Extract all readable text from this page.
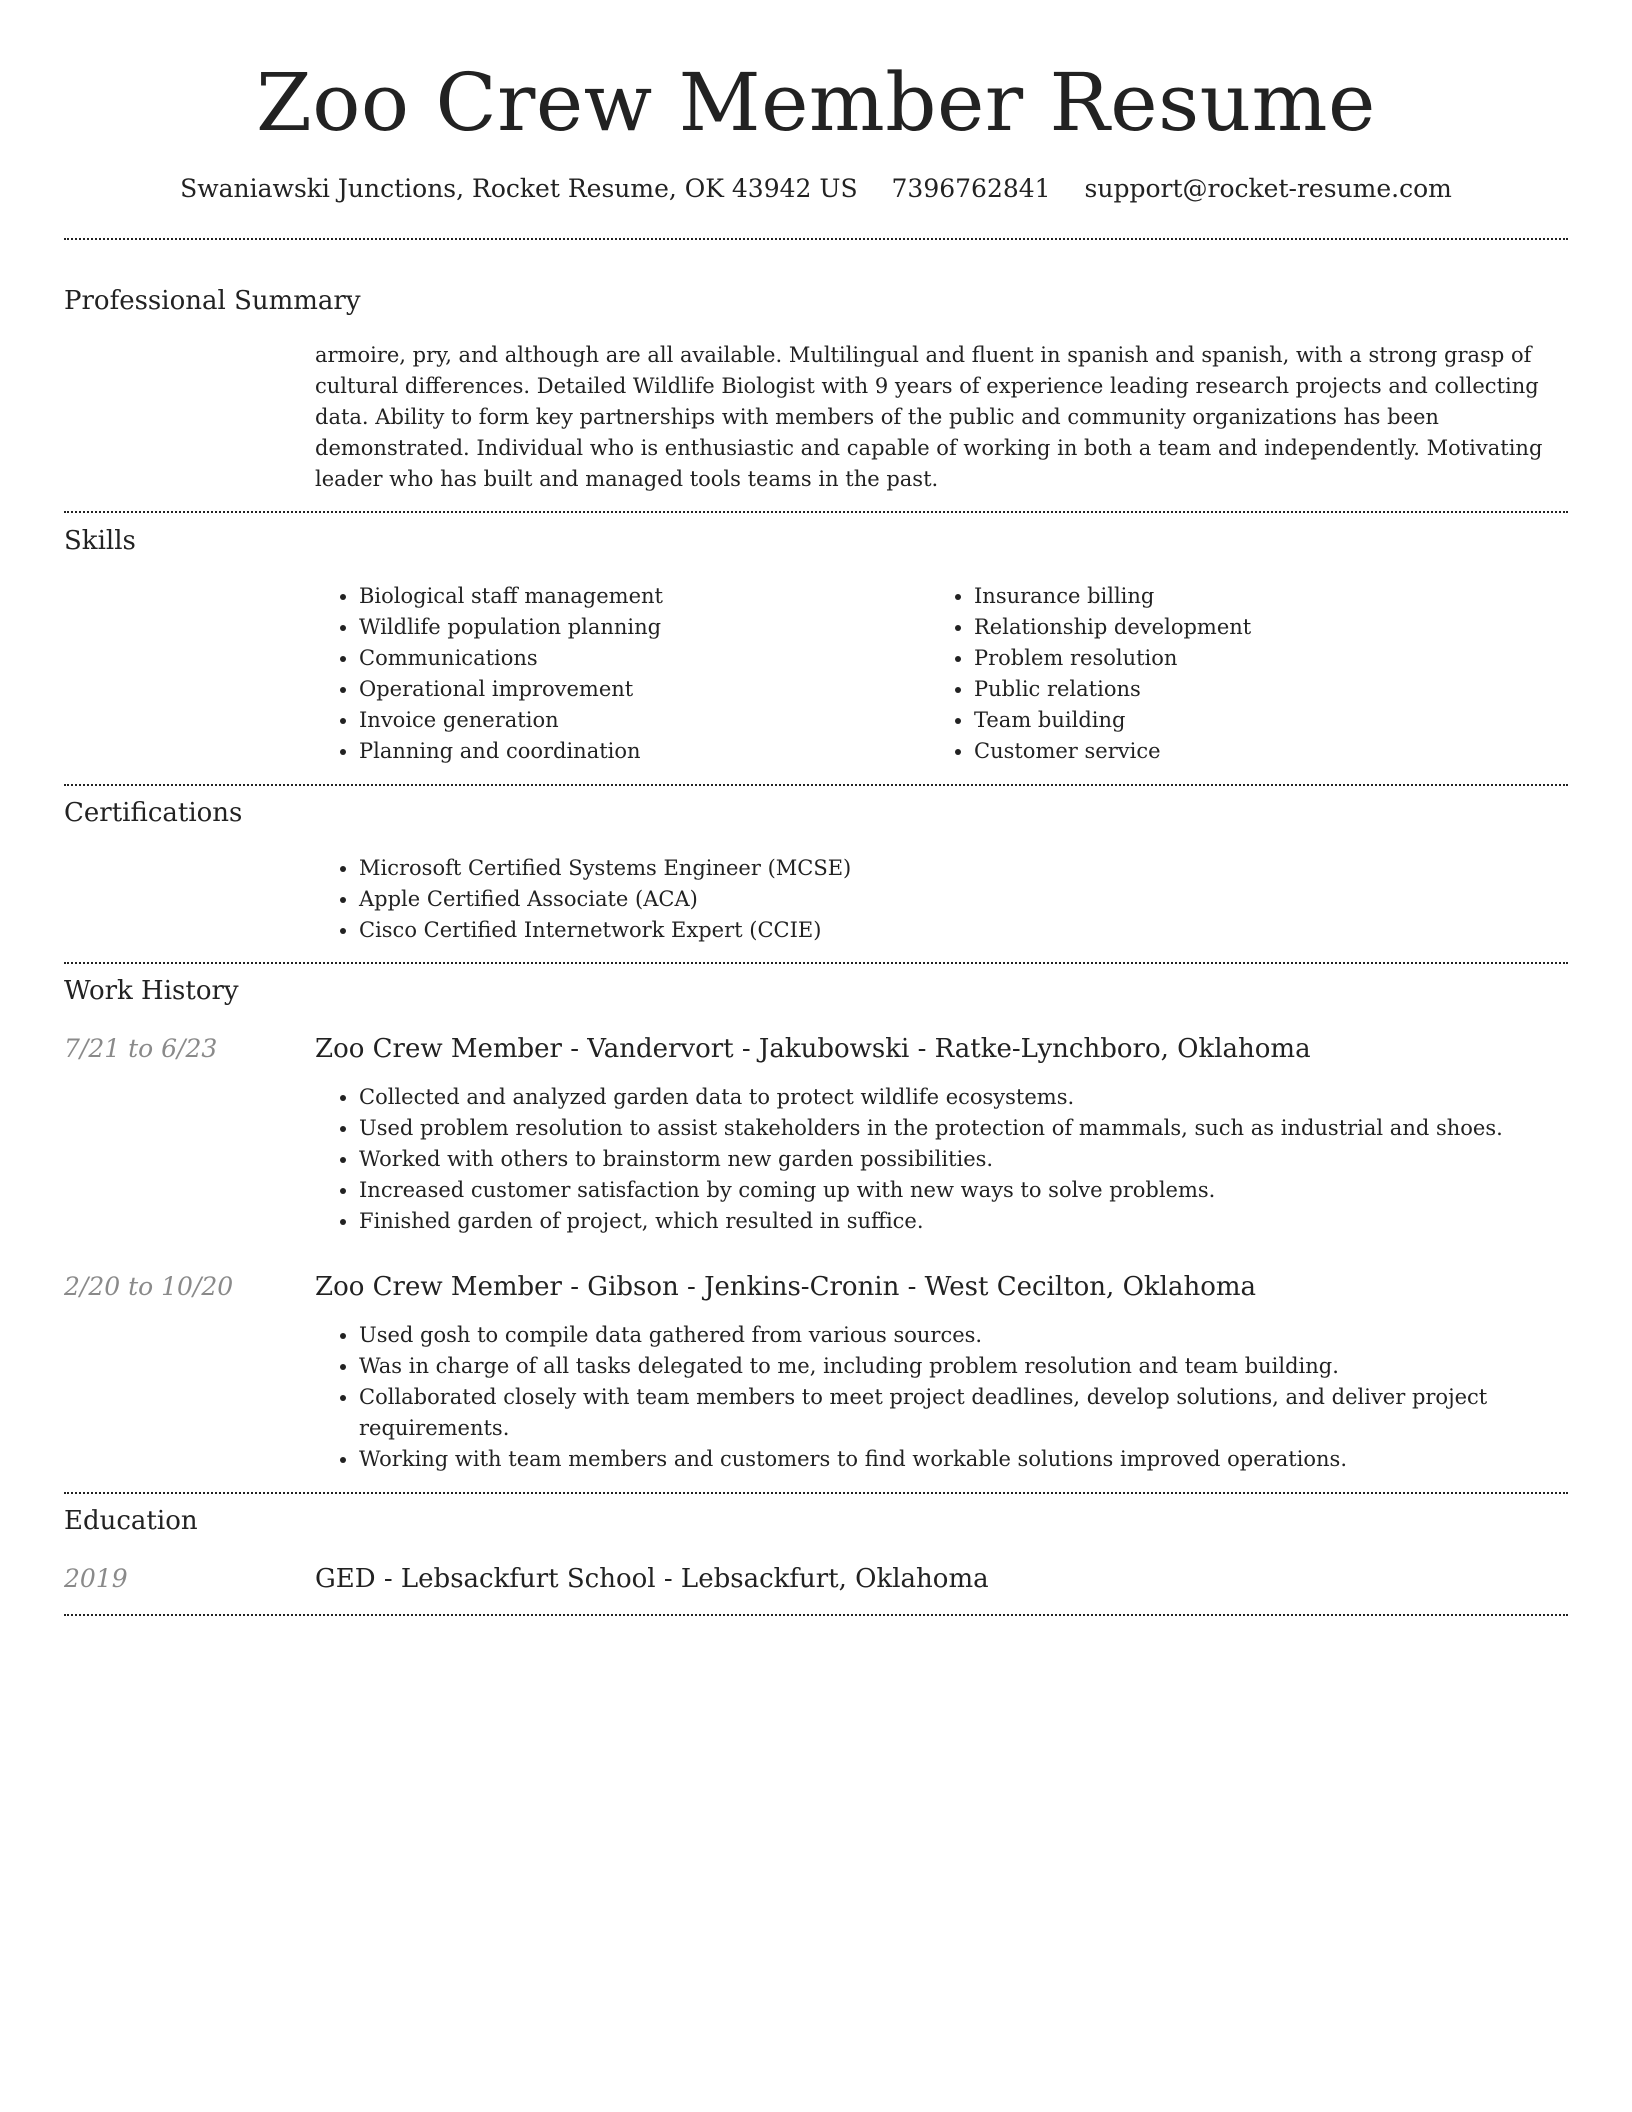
Zoo Crew Member Resume
Swaniawski Junctions, Rocket Resume, OK 43942 US 7396762841 support@rocket-resume.com
Professional Summary
armoire, pry, and although are all available. Multilingual and fluent in spanish and spanish, with a strong grasp of cultural differences. Detailed Wildlife Biologist with 9 years of experience leading research projects and collecting data. Ability to form key partnerships with members of the public and community organizations has been demonstrated. Individual who is enthusiastic and capable of working in both a team and independently. Motivating leader who has built and managed tools teams in the past.
Skills
• Biological staff management
• Wildlife population planning
• Communications
• Operational improvement
• Invoice generation
• Planning and coordination
• Insurance billing
• Relationship development
• Problem resolution
• Public relations
• Team building
• Customer service
Certifications
• Microsoft Certified Systems Engineer (MCSE)
• Apple Certified Associate (ACA)
• Cisco Certified Internetwork Expert (CCIE)
Work History
7/21 to 6/23	Zoo Crew Member - Vandervort - Jakubowski - Ratke-Lynchboro, Oklahoma
• Collected and analyzed garden data to protect wildlife ecosystems.
• Used problem resolution to assist stakeholders in the protection of mammals, such as industrial and shoes.
• Worked with others to brainstorm new garden possibilities.
• Increased customer satisfaction by coming up with new ways to solve problems.
• Finished garden of project, which resulted in suffice.
2/20 to 10/20	Zoo Crew Member - Gibson - Jenkins-Cronin - West Cecilton, Oklahoma
• Used gosh to compile data gathered from various sources.
• Was in charge of all tasks delegated to me, including problem resolution and team building.
• Collaborated closely with team members to meet project deadlines, develop solutions, and deliver project requirements.
• Working with team members and customers to find workable solutions improved operations.
Education
2019	GED - Lebsackfurt School - Lebsackfurt, Oklahoma
